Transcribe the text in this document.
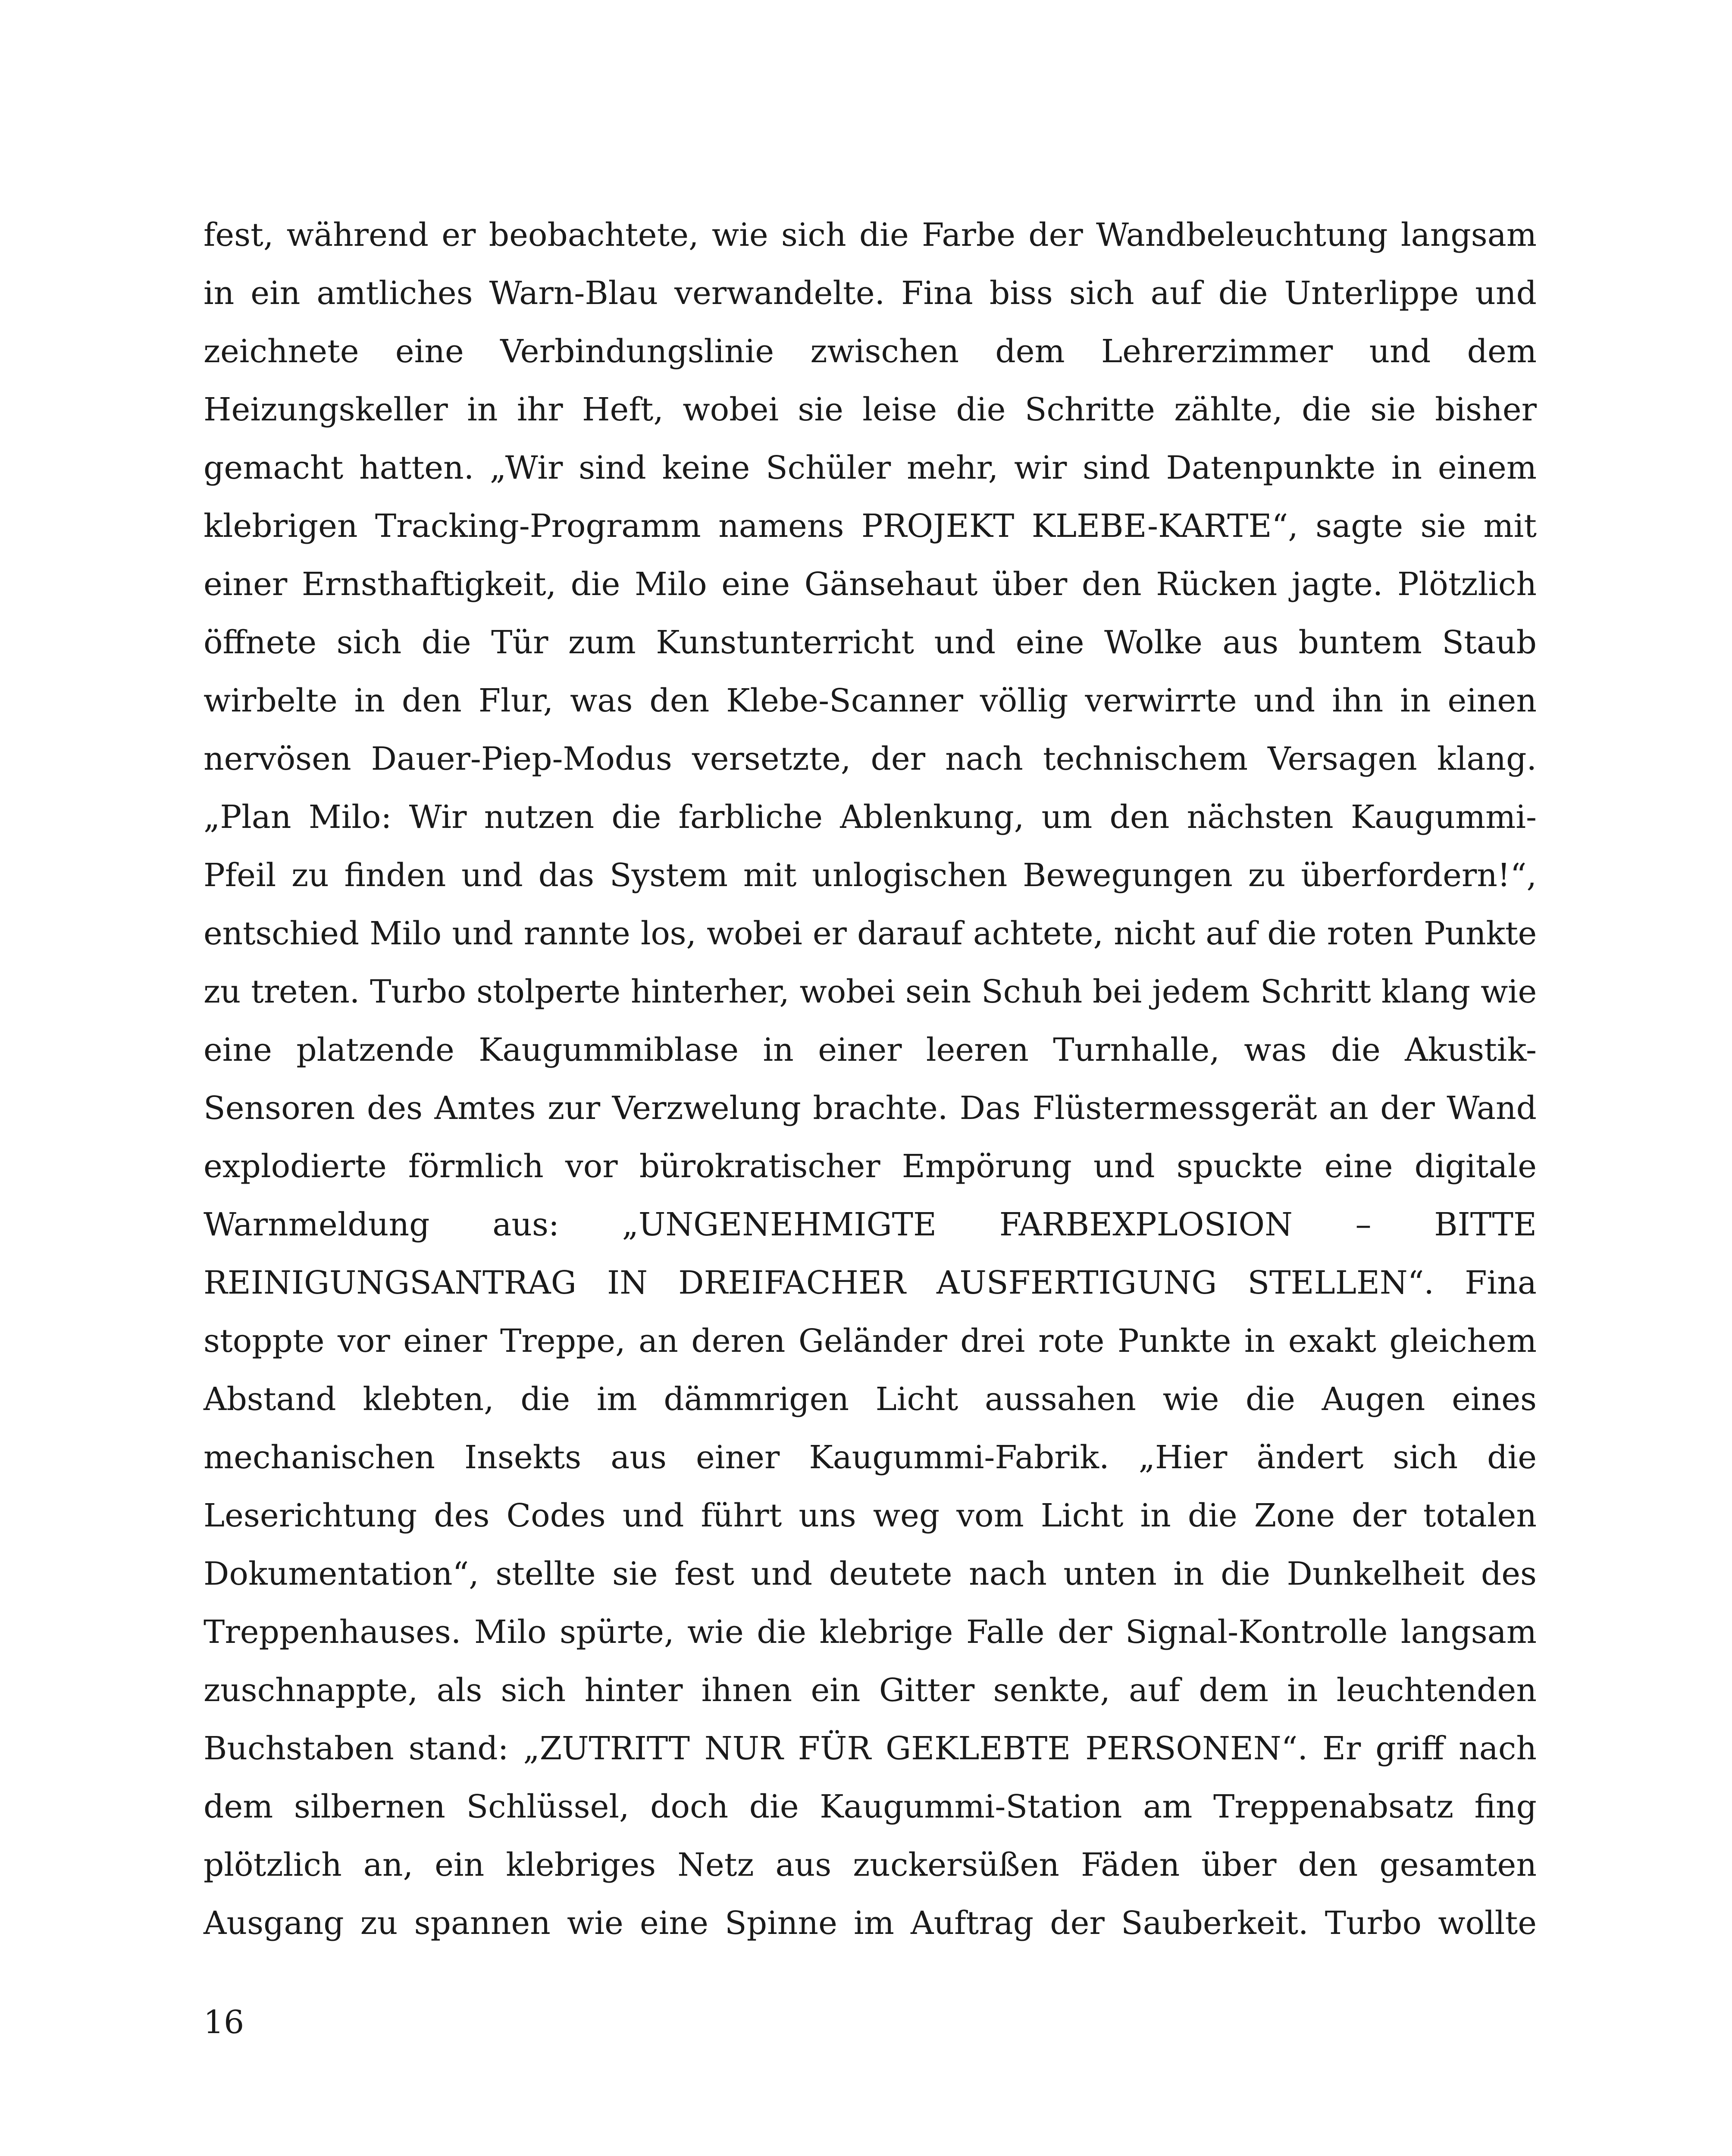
fest, während er beobachtete, wie sich die Farbe der Wandbeleuchtung langsam
in ein amtliches Warn-Blau verwandelte. Fina biss sich auf die Unterlippe und
zeichnete eine Verbindungslinie zwischen dem Lehrerzimmer und dem
Heizungskeller in ihr Heft, wobei sie leise die Schritte zählte, die sie bisher
gemacht hatten. „Wir sind keine Schüler mehr, wir sind Datenpunkte in einem
klebrigen Tracking-Programm namens PROJEKT KLEBE-KARTE“, sagte sie mit
einer Ernsthaftigkeit, die Milo eine Gänsehaut über den Rücken jagte. Plötzlich
öffnete sich die Tür zum Kunstunterricht und eine Wolke aus buntem Staub
wirbelte in den Flur, was den Klebe-Scanner völlig verwirrte und ihn in einen
nervösen Dauer-Piep-Modus versetzte, der nach technischem Versagen klang.
„Plan Milo: Wir nutzen die farbliche Ablenkung, um den nächsten Kaugummi-
Pfeil zu finden und das System mit unlogischen Bewegungen zu überfordern!“,
entschied Milo und rannte los, wobei er darauf achtete, nicht auf die roten Punkte
zu treten. Turbo stolperte hinterher, wobei sein Schuh bei jedem Schritt klang wie
eine platzende Kaugummiblase in einer leeren Turnhalle, was die Akustik-
Sensoren des Amtes zur Verzwelung brachte. Das Flüstermessgerät an der Wand
explodierte förmlich vor bürokratischer Empörung und spuckte eine digitale
Warnmeldung aus: „UNGENEHMIGTE FARBEXPLOSION – BITTE
REINIGUNGSANTRAG IN DREIFACHER AUSFERTIGUNG STELLEN“. Fina
stoppte vor einer Treppe, an deren Geländer drei rote Punkte in exakt gleichem
Abstand klebten, die im dämmrigen Licht aussahen wie die Augen eines
mechanischen Insekts aus einer Kaugummi-Fabrik. „Hier ändert sich die
Leserichtung des Codes und führt uns weg vom Licht in die Zone der totalen
Dokumentation“, stellte sie fest und deutete nach unten in die Dunkelheit des
Treppenhauses. Milo spürte, wie die klebrige Falle der Signal-Kontrolle langsam
zuschnappte, als sich hinter ihnen ein Gitter senkte, auf dem in leuchtenden
Buchstaben stand: „ZUTRITT NUR FÜR GEKLEBTE PERSONEN“. Er griff nach
dem silbernen Schlüssel, doch die Kaugummi-Station am Treppenabsatz fing
plötzlich an, ein klebriges Netz aus zuckersüßen Fäden über den gesamten
Ausgang zu spannen wie eine Spinne im Auftrag der Sauberkeit. Turbo wollte
16
